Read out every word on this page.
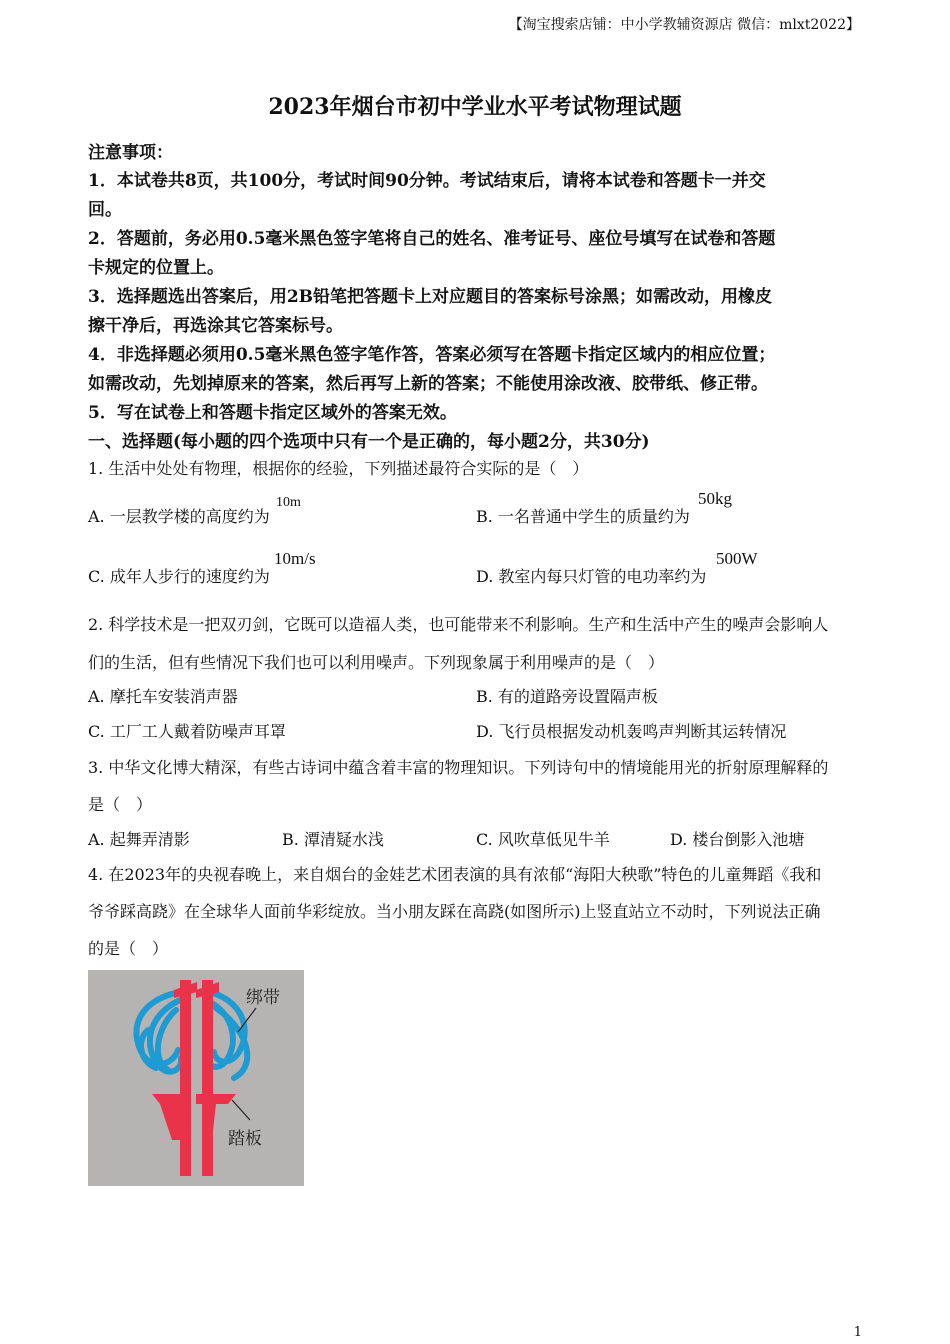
【淘宝搜索店铺：中小学教辅资源店 微信：mlxt2022】
2023年烟台市初中学业水平考试物理试题
注意事项：
1．本试卷共8页，共100分，考试时间90分钟。考试结束后，请将本试卷和答题卡一并交
回。
2．答题前，务必用0.5毫米黑色签字笔将自己的姓名、准考证号、座位号填写在试卷和答题
卡规定的位置上。
3．选择题选出答案后，用2B铅笔把答题卡上对应题目的答案标号涂黑；如需改动，用橡皮
擦干净后，再选涂其它答案标号。
4．非选择题必须用0.5毫米黑色签字笔作答，答案必须写在答题卡指定区域内的相应位置；
如需改动，先划掉原来的答案，然后再写上新的答案；不能使用涂改液、胶带纸、修正带。
5．写在试卷上和答题卡指定区域外的答案无效。
一、选择题(每小题的四个选项中只有一个是正确的，每小题2分，共30分)
1. 生活中处处有物理，根据你的经验，下列描述最符合实际的是（　）
A. 一层教学楼的高度约为
10m
B. 一名普通中学生的质量约为
50kg
C. 成年人步行的速度约为
10m/s
D. 教室内每只灯管的电功率约为
500W
2. 科学技术是一把双刃剑，它既可以造福人类，也可能带来不利影响。生产和生活中产生的噪声会影响人
们的生活，但有些情况下我们也可以利用噪声。下列现象属于利用噪声的是（　）
A. 摩托车安装消声器	B. 有的道路旁设置隔声板
C. 工厂工人戴着防噪声耳罩	D. 飞行员根据发动机轰鸣声判断其运转情况
3. 中华文化博大精深，有些古诗词中蕴含着丰富的物理知识。下列诗句中的情境能用光的折射原理解释的
是（　）
A. 起舞弄清影	B. 潭清疑水浅	C. 风吹草低见牛羊	D. 楼台倒影入池塘
4. 在2023年的央视春晚上，来自烟台的金娃艺术团表演的具有浓郁“海阳大秧歌”特色的儿童舞蹈《我和
爷爷踩高跷》在全球华人面前华彩绽放。当小朋友踩在高跷(如图所示)上竖直站立不动时，下列说法正确
的是（　）
绑带
踏板
1
